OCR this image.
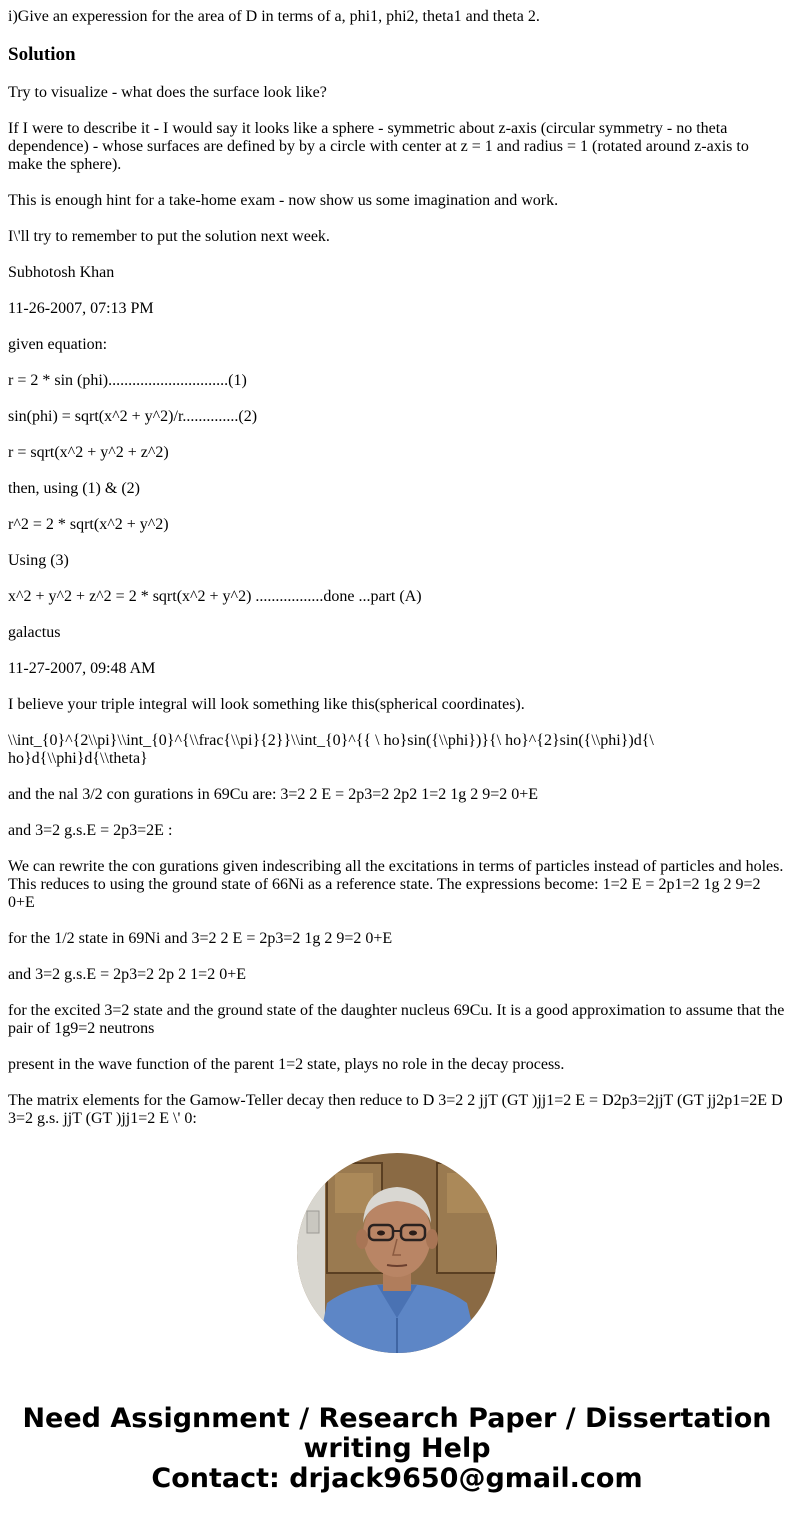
i)Give an experession for the area of D in terms of a, phi1, phi2, theta1 and theta 2.

Solution

Try to visualize - what does the surface look like?

If I were to describe it - I would say it looks like a sphere - symmetric about z-axis (circular symmetry - no theta dependence) - whose surfaces are defined by by a circle with center at z = 1 and radius = 1 (rotated around z-axis to make the sphere).

This is enough hint for a take-home exam - now show us some imagination and work.

I\'ll try to remember to put the solution next week.

Subhotosh Khan

11-26-2007, 07:13 PM

given equation:

r = 2 * sin (phi)..............................(1)

sin(phi) = sqrt(x^2 + y^2)/r..............(2)

r = sqrt(x^2 + y^2 + z^2)

then, using (1) & (2)

r^2 = 2 * sqrt(x^2 + y^2)

Using (3)

x^2 + y^2 + z^2 = 2 * sqrt(x^2 + y^2) .................done ...part (A)

galactus

11-27-2007, 09:48 AM

I believe your triple integral will look something like this(spherical coordinates).

\\int_{0}^{2\\pi}\\int_{0}^{\\frac{\\pi}{2}}\\int_{0}^{{ \ ho}sin({\\phi})}{\ ho}^{2}sin({\\phi})d{\ ho}d{\\phi}d{\\theta}

and the nal 3/2 con gurations in 69Cu are: 3=2 2 E = 2p3=2 2p2 1=2 1g 2 9=2 0+E

and 3=2 g.s.E = 2p3=2E :

We can rewrite the con gurations given indescribing all the excitations in terms of particles instead of particles and holes. This reduces to using the ground state of 66Ni as a reference state. The expressions become: 1=2 E = 2p1=2 1g 2 9=2 0+E

for the 1/2 state in 69Ni and 3=2 2 E = 2p3=2 1g 2 9=2 0+E

and 3=2 g.s.E = 2p3=2 2p 2 1=2 0+E

for the excited 3=2 state and the ground state of the daughter nucleus 69Cu. It is a good approximation to assume that the pair of 1g9=2 neutrons

present in the wave function of the parent 1=2 state, plays no role in the decay process.

The matrix elements for the Gamow-Teller decay then reduce to D 3=2 2 jjT (GT )jj1=2 E = D2p3=2jjT (GT jj2p1=2E D 3=2 g.s. jjT (GT )jj1=2 E \' 0:

Need Assignment / Research Paper / Dissertation
writing Help
Contact: drjack9650@gmail.com
